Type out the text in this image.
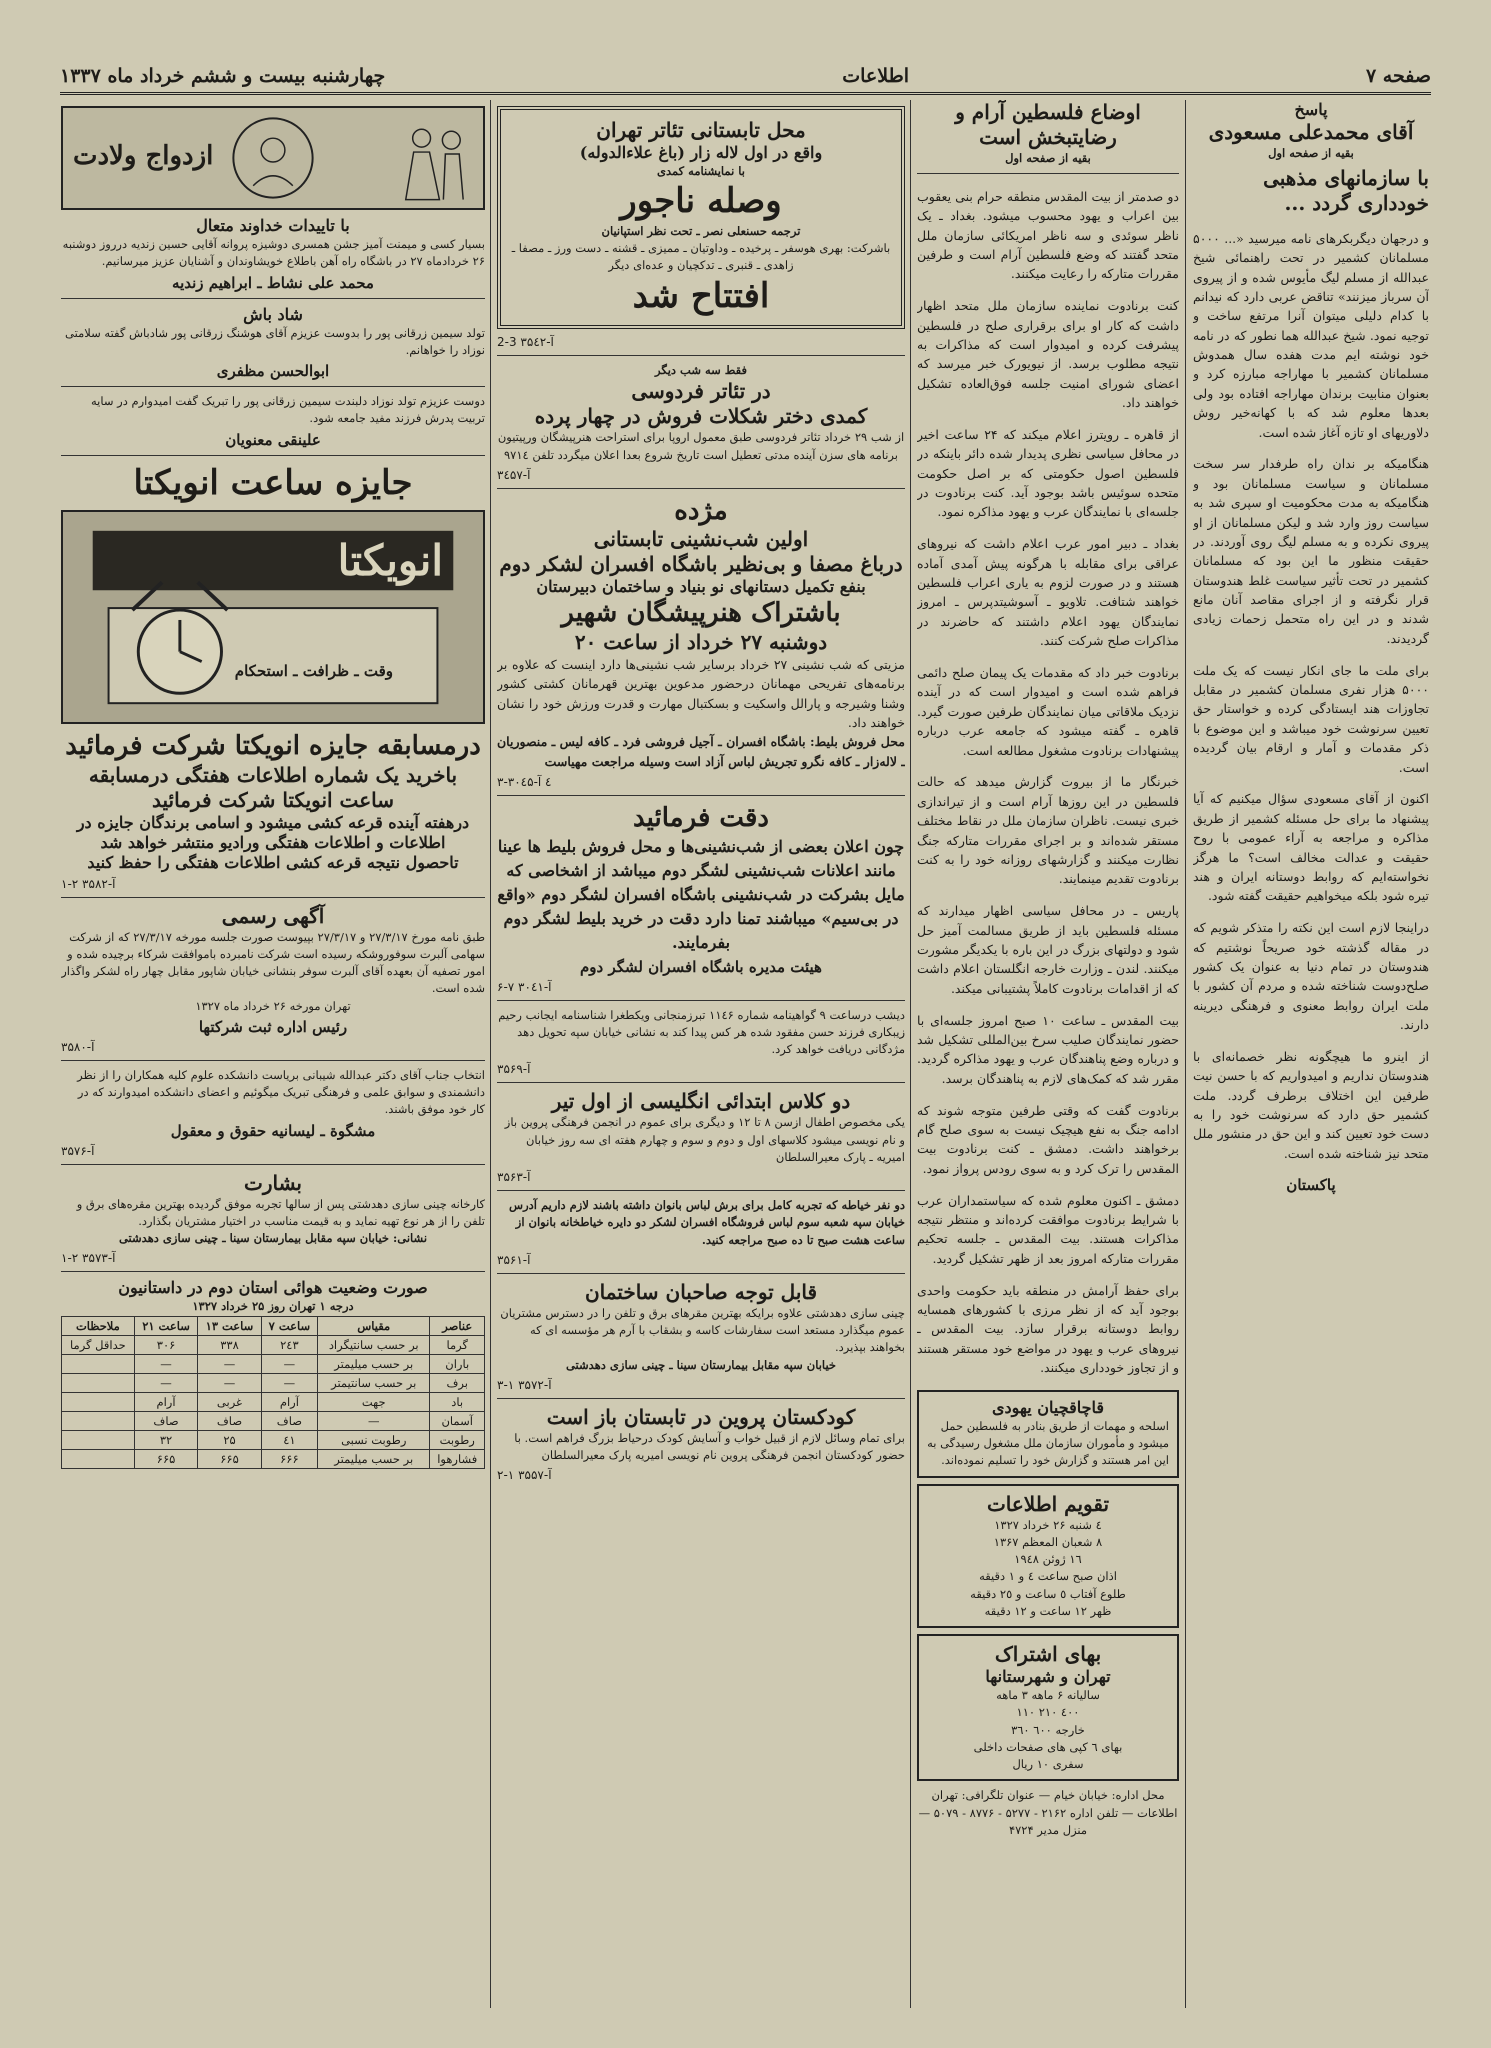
صفحه ۷
اطلاعات
چهارشنبه بیست و ششم خرداد ماه ۱۳۳۷
پاسخ
آقای محمدعلی مسعودی
بقیه از صفحه اول
با سازمانهای مذهبی خودداری گردد ...

و درجهان دیگربکرهای نامه میرسید «... ۵۰۰۰ مسلمانان کشمیر در تحت راهنمائی شیخ عبدالله از مسلم لیگ مأیوس شده و از پیروی آن سرباز میزنند» تناقض عربی دارد که نیدانم با کدام دلیلی میتوان آنرا مرتفع ساخت و توجیه نمود. شیخ عبدالله هما نطور که در نامه خود نوشته ایم مدت هفده سال همدوش مسلمانان کشمیر با مهاراجه مبارزه کرد و بعنوان منابیت برندان مهاراجه افتاده بود ولی بعدها معلوم شد که با کهانه‌خیر روش دلاوریهای او تازه آغاز شده است.

هنگامیکه بر ندان راه طرفدار سر سخت مسلمانان و سیاست مسلمانان بود و هنگامیکه به مدت محکومیت او سپری شد به سیاست روز وارد شد و لیکن مسلمانان از او پیروی نکرده و به مسلم لیگ روی آوردند. در حقیقت منظور ما این بود که مسلمانان کشمیر در تحت تأثیر سیاست غلط هندوستان قرار نگرفته و از اجرای مقاصد آنان مانع شدند و در این راه متحمل زحمات زیادی گردیدند.

برای ملت ما جای انکار نیست که یک ملت ۵۰۰۰ هزار نفری مسلمان کشمیر در مقابل تجاوزات هند ایستادگی کرده و خواستار حق تعیین سرنوشت خود میباشد و این موضوع با ذکر مقدمات و آمار و ارقام بیان گردیده است.

اکنون از آقای مسعودی سؤال میکنیم که آیا پیشنهاد ما برای حل مسئله کشمیر از طریق مذاکره و مراجعه به آراء عمومی با روح حقیقت و عدالت مخالف است؟ ما هرگز نخواسته‌ایم که روابط دوستانه ایران و هند تیره شود بلکه میخواهیم حقیقت گفته شود.

دراینجا لازم است این نکته را متذکر شویم که در مقاله گذشته خود صریحاً نوشتیم که هندوستان در تمام دنیا به عنوان یک کشور صلح‌دوست شناخته شده و مردم آن کشور با ملت ایران روابط معنوی و فرهنگی دیرینه دارند.

از اینرو ما هیچگونه نظر خصمانه‌ای با هندوستان نداریم و امیدواریم که با حسن نیت طرفین این اختلاف برطرف گردد. ملت کشمیر حق دارد که سرنوشت خود را به دست خود تعیین کند و این حق در منشور ملل متحد نیز شناخته شده است.

پاکستان
اوضاع فلسطین آرام و رضایتبخش است
بقیه از صفحه اول

دو صدمتر از بیت المقدس منطقه حرام بنی یعقوب بین اعراب و یهود محسوب میشود. بغداد ـ یک ناظر سوئدی و سه ناظر امریکائی سازمان ملل متحد گفتند که وضع فلسطین آرام است و طرفین مقررات متارکه را رعایت میکنند.

کنت برنادوت نماینده سازمان ملل متحد اظهار داشت که کار او برای برقراری صلح در فلسطین پیشرفت کرده و امیدوار است که مذاکرات به نتیجه مطلوب برسد. از نیویورک خبر میرسد که اعضای شورای امنیت جلسه فوق‌العاده تشکیل خواهند داد.

از قاهره ـ رویترز اعلام میکند که ۲۴ ساعت اخیر در محافل سیاسی نظری پدیدار شده دائر باینکه در فلسطین اصول حکومتی که بر اصل حکومت متحده سوئیس باشد بوجود آید. کنت برنادوت در جلسه‌ای با نمایندگان عرب و یهود مذاکره نمود.

بغداد ـ دبیر امور عرب اعلام داشت که نیروهای عراقی برای مقابله با هرگونه پیش آمدی آماده هستند و در صورت لزوم به یاری اعراب فلسطین خواهند شتافت. تلاویو ـ آسوشیتدپرس ـ امروز نمایندگان یهود اعلام داشتند که حاضرند در مذاکرات صلح شرکت کنند.

برنادوت خبر داد که مقدمات یک پیمان صلح دائمی فراهم شده است و امیدوار است که در آینده نزدیک ملاقاتی میان نمایندگان طرفین صورت گیرد. قاهره ـ گفته میشود که جامعه عرب درباره پیشنهادات برنادوت مشغول مطالعه است.

خبرنگار ما از بیروت گزارش میدهد که حالت فلسطین در این روزها آرام است و از تیراندازی خبری نیست. ناظران سازمان ملل در نقاط مختلف مستقر شده‌اند و بر اجرای مقررات متارکه جنگ نظارت میکنند و گزارشهای روزانه خود را به کنت برنادوت تقدیم مینمایند.

پاریس ـ در محافل سیاسی اظهار میدارند که مسئله فلسطین باید از طریق مسالمت آمیز حل شود و دولتهای بزرگ در این باره با یکدیگر مشورت میکنند. لندن ـ وزارت خارجه انگلستان اعلام داشت که از اقدامات برنادوت کاملاً پشتیبانی میکند.

بیت المقدس ـ ساعت ۱۰ صبح امروز جلسه‌ای با حضور نمایندگان صلیب سرخ بین‌المللی تشکیل شد و درباره وضع پناهندگان عرب و یهود مذاکره گردید. مقرر شد که کمک‌های لازم به پناهندگان برسد.

برنادوت گفت که وقتی طرفین متوجه شوند که ادامه جنگ به نفع هیچیک نیست به سوی صلح گام برخواهند داشت. دمشق ـ کنت برنادوت بیت المقدس را ترک کرد و به سوی رودس پرواز نمود.

دمشق ـ اکنون معلوم شده که سیاستمداران عرب با شرایط برنادوت موافقت کرده‌اند و منتظر نتیجه مذاکرات هستند. بیت المقدس ـ جلسه تحکیم مقررات متارکه امروز بعد از ظهر تشکیل گردید.

برای حفظ آرامش در منطقه باید حکومت واحدی بوجود آید که از نظر مرزی با کشورهای همسایه روابط دوستانه برقرار سازد. بیت المقدس ـ نیروهای عرب و یهود در مواضع خود مستقر هستند و از تجاوز خودداری میکنند.

قاچاقچیان یهودی
اسلحه و مهمات از طریق بنادر به فلسطین حمل میشود و مأموران سازمان ملل مشغول رسیدگی به این امر هستند و گزارش خود را تسلیم نموده‌اند.
تقویم اطلاعات
٤ شنبه ۲۶ خرداد ۱۳۲۷
۸ شعبان المعظم ۱۳۶۷
۱٦ ژوئن ۱۹٤۸
اذان صبح ساعت ٤ و ١ دقیقه
طلوع آفتاب ٥ ساعت و ٢٥ دقیقه
ظهر ۱۲ ساعت و ۱۲ دقیقه
بهای اشتراک
تهران و شهرستانها
سالیانه ۶ ماهه ۳ ماهه
٤٠٠ ۲۱۰ ۱۱۰
خارجه ٦٠٠ ٣٦٠
بهای ٦ کپی های صفحات داخلی
سفری ۱۰ ریال
محل اداره: خیابان خیام — عنوان تلگرافی: تهران اطلاعات — تلفن اداره ۲۱۶۲ - ۵۲۷۷ - ۸۷۷۶ - ۵۰۷۹ — منزل مدیر ۴۷۲۴
محل تابستانی تئاتر تهران
واقع در اول لاله زار (باغ علاءالدوله)
با نمایشنامه کمدی
وصله ناجور
ترجمه حسنعلی نصر ـ تحت نظر استپانیان
باشرکت: بهری هوسفر ـ پرخیده ـ وداوتیان ـ ممیزی ـ قشنه ـ دست ورز ـ مصفا ـ زاهدی ـ قنبری ـ تدکچیان و عده‌ای دیگر
افتتاح شد
2-3 آ-۳۵٤۲
فقط سه شب دیگر
در تئاتر فردوسی
کمدی دختر شکلات فروش در چهار پرده
از شب ۲۹ خرداد تئاتر فردوسی طبق معمول اروپا برای استراحت هنرپیشگان ورپیتیون برنامه های سزن آینده مدتی تعطیل است تاریخ شروع بعدا اعلان میگردد تلفن ۹۷۱٤
آ-۳٤۵۷
مژده
اولین شب‌نشینی تابستانی
درباغ مصفا و بی‌نظیر باشگاه افسران لشکر دوم
بنفع تکمیل دستانهای نو بنیاد و ساختمان دبیرستان
باشتراک هنرپیشگان شهیر
دوشنبه ۲۷ خرداد از ساعت ۲۰
مزیتی که شب نشینی ۲۷ خرداد برسایر شب نشینی‌ها دارد اینست که علاوه بر برنامه‌های تفریحی مهمانان درحضور مدعوین بهترین قهرمانان کشتی کشور وشنا وشیرجه و پارالل واسکیت و بسکتبال مهارت و قدرت ورزش خود را نشان خواهند داد.
محل فروش بلیط: باشگاه افسران ـ آجیل فروشی فرد ـ کافه لیس ـ منصوریان ـ لاله‌زار ـ کافه‌ نگرو تجریش لباس آزاد است وسیله مراجعت مهیاست
۳-٤ آ-۳۰٤۵
دقت فرمائید
چون اعلان بعضی از شب‌نشینی‌ها و محل فروش بلیط ها عینا مانند اعلانات شب‌نشینی لشگر دوم میباشد از اشخاصی که مایل بشرکت در شب‌نشینی باشگاه افسران لشگر دوم «واقع در بی‌سیم» میباشند تمنا دارد دقت در خرید بلیط لشگر دوم بفرمایند.
هیئت مدیره باشگاه افسران لشگر دوم
۶-۷ آ-۳۰٤۱
دیشب درساعت ۹ گواهینامه شماره ۱۱٤۶ تبرزمنجانی ویکطغرا شناسنامه ایجانب رحیم زیبکاری فرزند حسن مفقود شده هر کس پیدا کند به نشانی خیابان سپه تحویل دهد مژدگانی دریافت خواهد کرد.
آ-۳۵۶۹
دو کلاس ابتدائی انگلیسی از اول تیر
یکی مخصوص اطفال ازسن ۸ تا ۱۲ و دیگری برای عموم در انجمن فرهنگی پروین باز و نام نویسی میشود کلاسهای اول و دوم و سوم و چهارم هفته ای سه روز خیابان امیریه ـ پارک معیرالسلطان
آ-۳۵۶۳
دو نفر خیاطه که تجربه کامل برای برش لباس بانوان داشته باشند لازم داریم آدرس خیابان سپه شعبه سوم لباس فروشگاه افسران لشکر دو دایره خیاطخانه بانوان از ساعت هشت صبح تا ده صبح مراجعه کنید.
آ-۳۵۶۱
قابل توجه صاحبان ساختمان
چینی سازی دهدشتی علاوه برایکه بهترین مقرهای برق و تلفن را در دسترس مشتریان عموم میگذارد مستعد است سفارشات کاسه و بشقاب با آرم هر مؤسسه ای که بخواهند بپذیرد.
خیابان سپه مقابل بیمارستان سینا ـ چینی سازی دهدشتی
آ-۳۵۷۲ ۱-۳
کودکستان پروین در تابستان باز است
برای تمام وسائل لازم از قبیل خواب و آسایش کودک درحیاط بزرگ فراهم است. با حضور کودکستان انجمن فرهنگی پروین نام نویسی امیریه پارک معیرالسلطان
آ-۳۵۵۷ ۱-۲
ازدواج ولادت
با تاییدات خداوند متعال
بسیار کسی و میمنت آمیز جشن همسری دوشیزه پروانه آقایی حسین زندیه درروز دوشنبه ۲۶ خردادماه ۲۷ در باشگاه راه آهن باطلاع خویشاوندان و آشنایان عزیز میرسانیم.
محمد علی نشاط ـ ابراهیم زندیه
شاد باش
تولد سیمین زرقانی پور را بدوست عزیزم آقای هوشنگ زرقانی پور شادباش گفته سلامتی نوزاد را خواهانم.
ابوالحسن مظفری
دوست عزیزم تولد نوزاد دلبندت سیمین زرقانی پور را تبریک گفت امیدوارم در سایه تربیت پدرش فرزند مفید جامعه شود.
علینقی معنویان
جایزه ساعت انویکتا
انویکتا
وقت ـ ظرافت ـ استحکام
درمسابقه جایزه انویکتا شرکت فرمائید
باخرید یک شماره اطلاعات هفتگی درمسابقه ساعت انویکتا شرکت فرمائید
درهفته آینده قرعه کشی میشود و اسامی برندگان جایزه در اطلاعات و اطلاعات هفتگی ورادیو منتشر خواهد شد
تاحصول نتیجه قرعه کشی اطلاعات هفتگی را حفظ کنید
۱-۲ آ-۳۵۸۲
آگهی رسمی
طبق نامه مورخ ۲۷/۳/۱۷ و ۲۷/۳/۱۷ بپیوست صورت جلسه مورخه ۲۷/۳/۱۷ که از شرکت سهامی آلبرت سوفوروشکه رسیده است شرکت نامبرده باموافقت شرکاء برچیده شده و امور تصفیه آن بعهده آقای آلبرت سوفر بنشانی خیابان شاپور مقابل چهار راه لشکر واگذار شده است.
تهران مورخه ۲۶ خرداد ماه ۱۳۲۷
رئیس اداره ثبت شرکتها
آ-۳۵۸۰
انتخاب جناب آقای دکتر عبدالله شیبانی بریاست دانشکده علوم کلیه همکاران را از نظر دانشمندی و سوابق علمی و فرهنگی تبریک میگوئیم و اعضای دانشکده امیدوارند که در کار خود موفق باشند.
مشگوة ـ لیسانیه حقوق و معقول
آ-۳۵۷۶
بشارت
کارخانه چینی سازی دهدشتی پس از سالها تجربه موفق گردیده بهترین مقره‌های برق و تلفن را از هر نوع تهیه نماید و به قیمت مناسب در اختیار مشتریان بگذارد.
نشانی: خیابان سپه مقابل بیمارستان سینا ـ چینی سازی دهدشتی
۱-۲ آ-۳۵۷۳
صورت وضعیت هوائی استان دوم در داستانیون
درجه ۱ تهران روز ۲۵ خرداد ۱۳۲۷
عناصر	مقیاس	ساعت ۷	ساعت ۱۳	ساعت ۲۱	ملاحظات
گرما	بر حسب سانتیگراد	۲٤۳	۳۳۸	۳۰۶	حداقل گرما
باران	بر حسب میلیمتر	—	—	—	
برف	بر حسب سانتیمتر	—	—	—	
باد	جهت	آرام	غربی	آرام	
آسمان	—	صاف	صاف	صاف	
رطوبت	رطوبت نسبی	٤۱	۲۵	۳۲	
فشارهوا	بر حسب میلیمتر	۶۶۶	۶۶۵	۶۶۵	
